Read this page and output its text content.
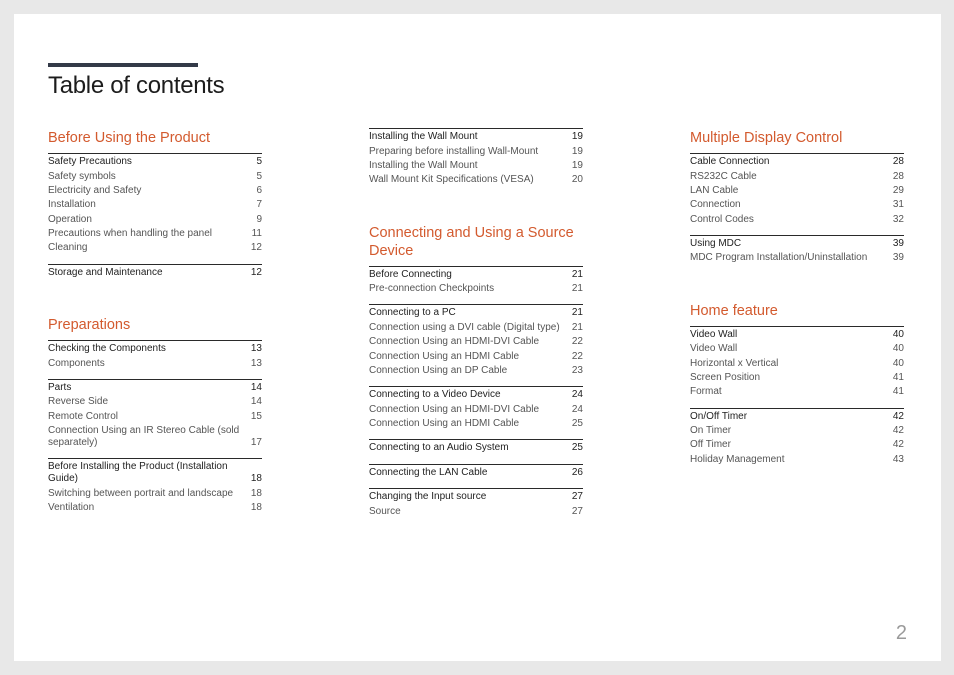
Table of contents
Before Using the Product
Safety Precautions	5
Safety symbols	5
Electricity and Safety	6
Installation	7
Operation	9
Precautions when handling the panel	11
Cleaning	12
Storage and Maintenance	12
Preparations
Checking the Components	13
Components	13
Parts	14
Reverse Side	14
Remote Control	15
Connection Using an IR Stereo Cable (sold separately)	17
Before Installing the Product (Installation Guide)	18
Switching between portrait and landscape	18
Ventilation	18
Installing the Wall Mount	19
Preparing before installing Wall-Mount	19
Installing the Wall Mount	19
Wall Mount Kit Specifications (VESA)	20
Connecting and Using a Source Device
Before Connecting	21
Pre-connection Checkpoints	21
Connecting to a PC	21
Connection using a DVI cable (Digital type)	21
Connection Using an HDMI-DVI Cable	22
Connection Using an HDMI Cable	22
Connection Using an DP Cable	23
Connecting to a Video Device	24
Connection Using an HDMI-DVI Cable	24
Connection Using an HDMI Cable	25
Connecting to an Audio System	25
Connecting the LAN Cable	26
Changing the Input source	27
Source	27
Multiple Display Control
Cable Connection	28
RS232C Cable	28
LAN Cable	29
Connection	31
Control Codes	32
Using MDC	39
MDC Program Installation/Uninstallation	39
Home feature
Video Wall	40
Video Wall	40
Horizontal x Vertical	40
Screen Position	41
Format	41
On/Off Timer	42
On Timer	42
Off Timer	42
Holiday Management	43
2
